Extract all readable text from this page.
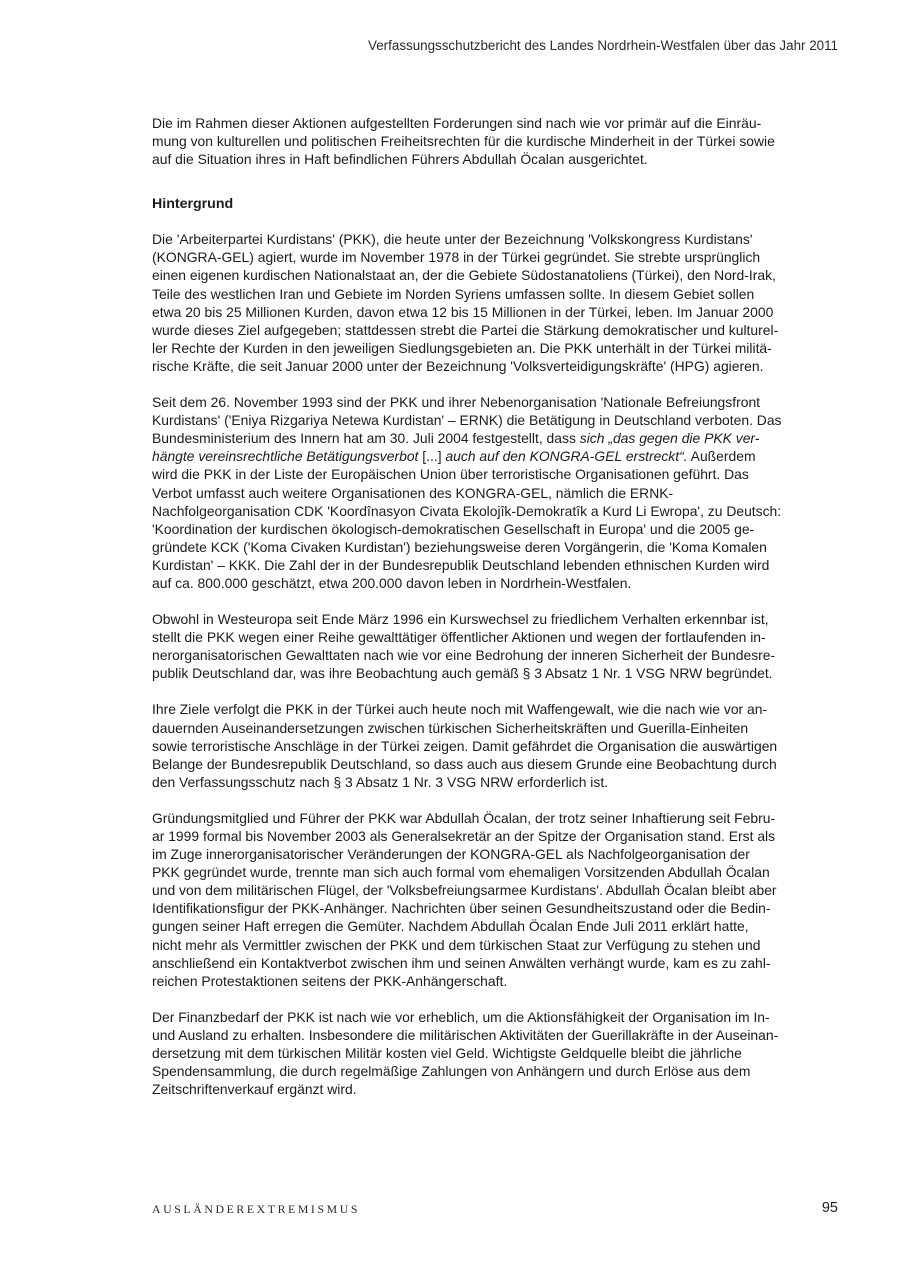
Verfassungsschutzbericht des Landes Nordrhein-Westfalen über das Jahr 2011

Die im Rahmen dieser Aktionen aufgestellten Forderungen sind nach wie vor primär auf die Einräu-
mung von kulturellen und politischen Freiheitsrechten für die kurdische Minderheit in der Türkei sowie
auf die Situation ihres in Haft befindlichen Führers Abdullah Öcalan ausgerichtet.

Hintergrund

Die 'Arbeiterpartei Kurdistans' (PKK), die heute unter der Bezeichnung 'Volkskongress Kurdistans'
(KONGRA-GEL) agiert, wurde im November 1978 in der Türkei gegründet. Sie strebte ursprünglich
einen eigenen kurdischen Nationalstaat an, der die Gebiete Südostanatoliens (Türkei), den Nord-Irak,
Teile des westlichen Iran und Gebiete im Norden Syriens umfassen sollte. In diesem Gebiet sollen
etwa 20 bis 25 Millionen Kurden, davon etwa 12 bis 15 Millionen in der Türkei, leben. Im Januar 2000
wurde dieses Ziel aufgegeben; stattdessen strebt die Partei die Stärkung demokratischer und kulturel-
ler Rechte der Kurden in den jeweiligen Siedlungsgebieten an. Die PKK unterhält in der Türkei militä-
rische Kräfte, die seit Januar 2000 unter der Bezeichnung 'Volksverteidigungskräfte' (HPG) agieren.

Seit dem 26. November 1993 sind der PKK und ihrer Nebenorganisation 'Nationale Befreiungsfront
Kurdistans' ('Eniya Rizgariya Netewa Kurdistan' – ERNK) die Betätigung in Deutschland verboten. Das
Bundesministerium des Innern hat am 30. Juli 2004 festgestellt, dass sich „das gegen die PKK ver-
hängte vereinsrechtliche Betätigungsverbot [...] auch auf den KONGRA-GEL erstreckt“. Außerdem
wird die PKK in der Liste der Europäischen Union über terroristische Organisationen geführt. Das
Verbot umfasst auch weitere Organisationen des KONGRA-GEL, nämlich die ERNK-
Nachfolgeorganisation CDK 'Koordînasyon Civata Ekolojîk-Demokratîk a Kurd Li Ewropa', zu Deutsch:
'Koordination der kurdischen ökologisch-demokratischen Gesellschaft in Europa' und die 2005 ge-
gründete KCK ('Koma Civaken Kurdistan') beziehungsweise deren Vorgängerin, die 'Koma Komalen
Kurdistan' – KKK. Die Zahl der in der Bundesrepublik Deutschland lebenden ethnischen Kurden wird
auf ca. 800.000 geschätzt, etwa 200.000 davon leben in Nordrhein-Westfalen.

Obwohl in Westeuropa seit Ende März 1996 ein Kurswechsel zu friedlichem Verhalten erkennbar ist,
stellt die PKK wegen einer Reihe gewalttätiger öffentlicher Aktionen und wegen der fortlaufenden in-
nerorganisatorischen Gewalttaten nach wie vor eine Bedrohung der inneren Sicherheit der Bundesre-
publik Deutschland dar, was ihre Beobachtung auch gemäß § 3 Absatz 1 Nr. 1 VSG NRW begründet.

Ihre Ziele verfolgt die PKK in der Türkei auch heute noch mit Waffengewalt, wie die nach wie vor an-
dauernden Auseinandersetzungen zwischen türkischen Sicherheitskräften und Guerilla-Einheiten
sowie terroristische Anschläge in der Türkei zeigen. Damit gefährdet die Organisation die auswärtigen
Belange der Bundesrepublik Deutschland, so dass auch aus diesem Grunde eine Beobachtung durch
den Verfassungsschutz nach § 3 Absatz 1 Nr. 3 VSG NRW erforderlich ist.

Gründungsmitglied und Führer der PKK war Abdullah Öcalan, der trotz seiner Inhaftierung seit Febru-
ar 1999 formal bis November 2003 als Generalsekretär an der Spitze der Organisation stand. Erst als
im Zuge innerorganisatorischer Veränderungen der KONGRA-GEL als Nachfolgeorganisation der
PKK gegründet wurde, trennte man sich auch formal vom ehemaligen Vorsitzenden Abdullah Öcalan
und von dem militärischen Flügel, der 'Volksbefreiungsarmee Kurdistans'. Abdullah Öcalan bleibt aber
Identifikationsfigur der PKK-Anhänger. Nachrichten über seinen Gesundheitszustand oder die Bedin-
gungen seiner Haft erregen die Gemüter. Nachdem Abdullah Öcalan Ende Juli 2011 erklärt hatte,
nicht mehr als Vermittler zwischen der PKK und dem türkischen Staat zur Verfügung zu stehen und
anschließend ein Kontaktverbot zwischen ihm und seinen Anwälten verhängt wurde, kam es zu zahl-
reichen Protestaktionen seitens der PKK-Anhängerschaft.

Der Finanzbedarf der PKK ist nach wie vor erheblich, um die Aktionsfähigkeit der Organisation im In-
und Ausland zu erhalten. Insbesondere die militärischen Aktivitäten der Guerillakräfte in der Auseinan-
dersetzung mit dem türkischen Militär kosten viel Geld. Wichtigste Geldquelle bleibt die jährliche
Spendensammlung, die durch regelmäßige Zahlungen von Anhängern und durch Erlöse aus dem
Zeitschriftenverkauf ergänzt wird.

AUSLÄNDEREXTREMISMUS	95
